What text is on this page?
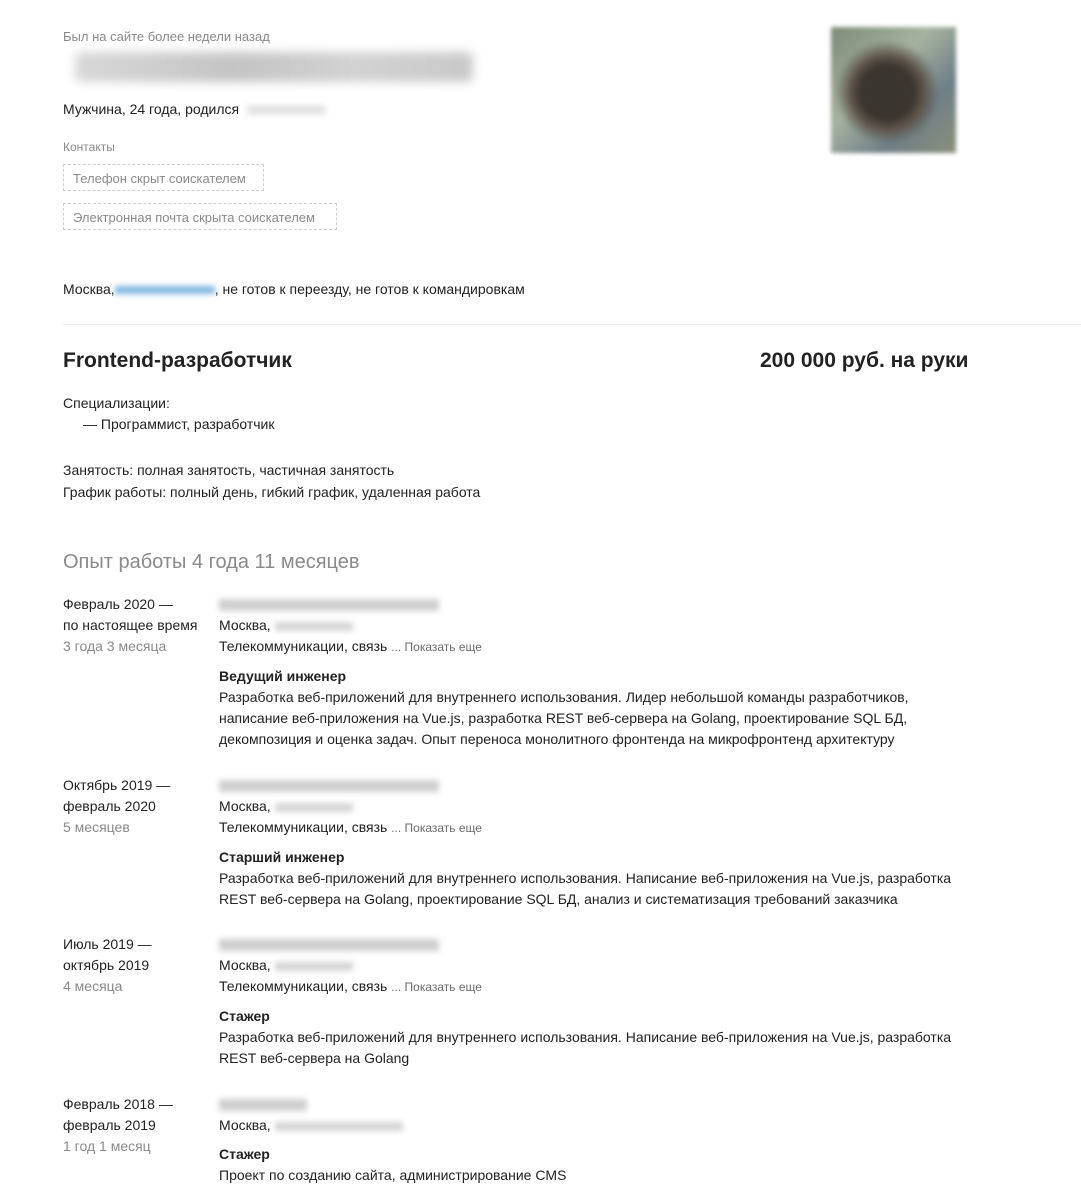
Был на сайте более недели назад
Мужчина, 24 года, родился
Контакты
Телефон скрыт соискателем
Электронная почта скрыта соискателем
Москва,	, не готов к переезду, не готов к командировкам
Frontend-разработчик	200 000 руб. на руки
Специализации:
— Программист, разработчик
Занятость: полная занятость, частичная занятость
График работы: полный день, гибкий график, удаленная работа
Опыт работы 4 года 11 месяцев
Февраль 2020 —
по настоящее время
3 года 3 месяца
Москва,
Телекоммуникации, связь ... Показать еще
Ведущий инженер
Разработка веб-приложений для внутреннего использования. Лидер небольшой команды разработчиков, написание веб-приложения на Vue.js, разработка REST веб-сервера на Golang, проектирование SQL БД, декомпозиция и оценка задач. Опыт переноса монолитного фронтенда на микрофронтенд архитектуру
Октябрь 2019 —
февраль 2020
5 месяцев
Москва,
Телекоммуникации, связь ... Показать еще
Старший инженер
Разработка веб-приложений для внутреннего использования. Написание веб-приложения на Vue.js, разработка REST веб-сервера на Golang, проектирование SQL БД, анализ и систематизация требований заказчика
Июль 2019 —
октябрь 2019
4 месяца
Москва,
Телекоммуникации, связь ... Показать еще
Стажер
Разработка веб-приложений для внутреннего использования. Написание веб-приложения на Vue.js, разработка REST веб-сервера на Golang
Февраль 2018 —
февраль 2019
1 год 1 месяц
Москва,
Стажер
Проект по созданию сайта, администрирование CMS
